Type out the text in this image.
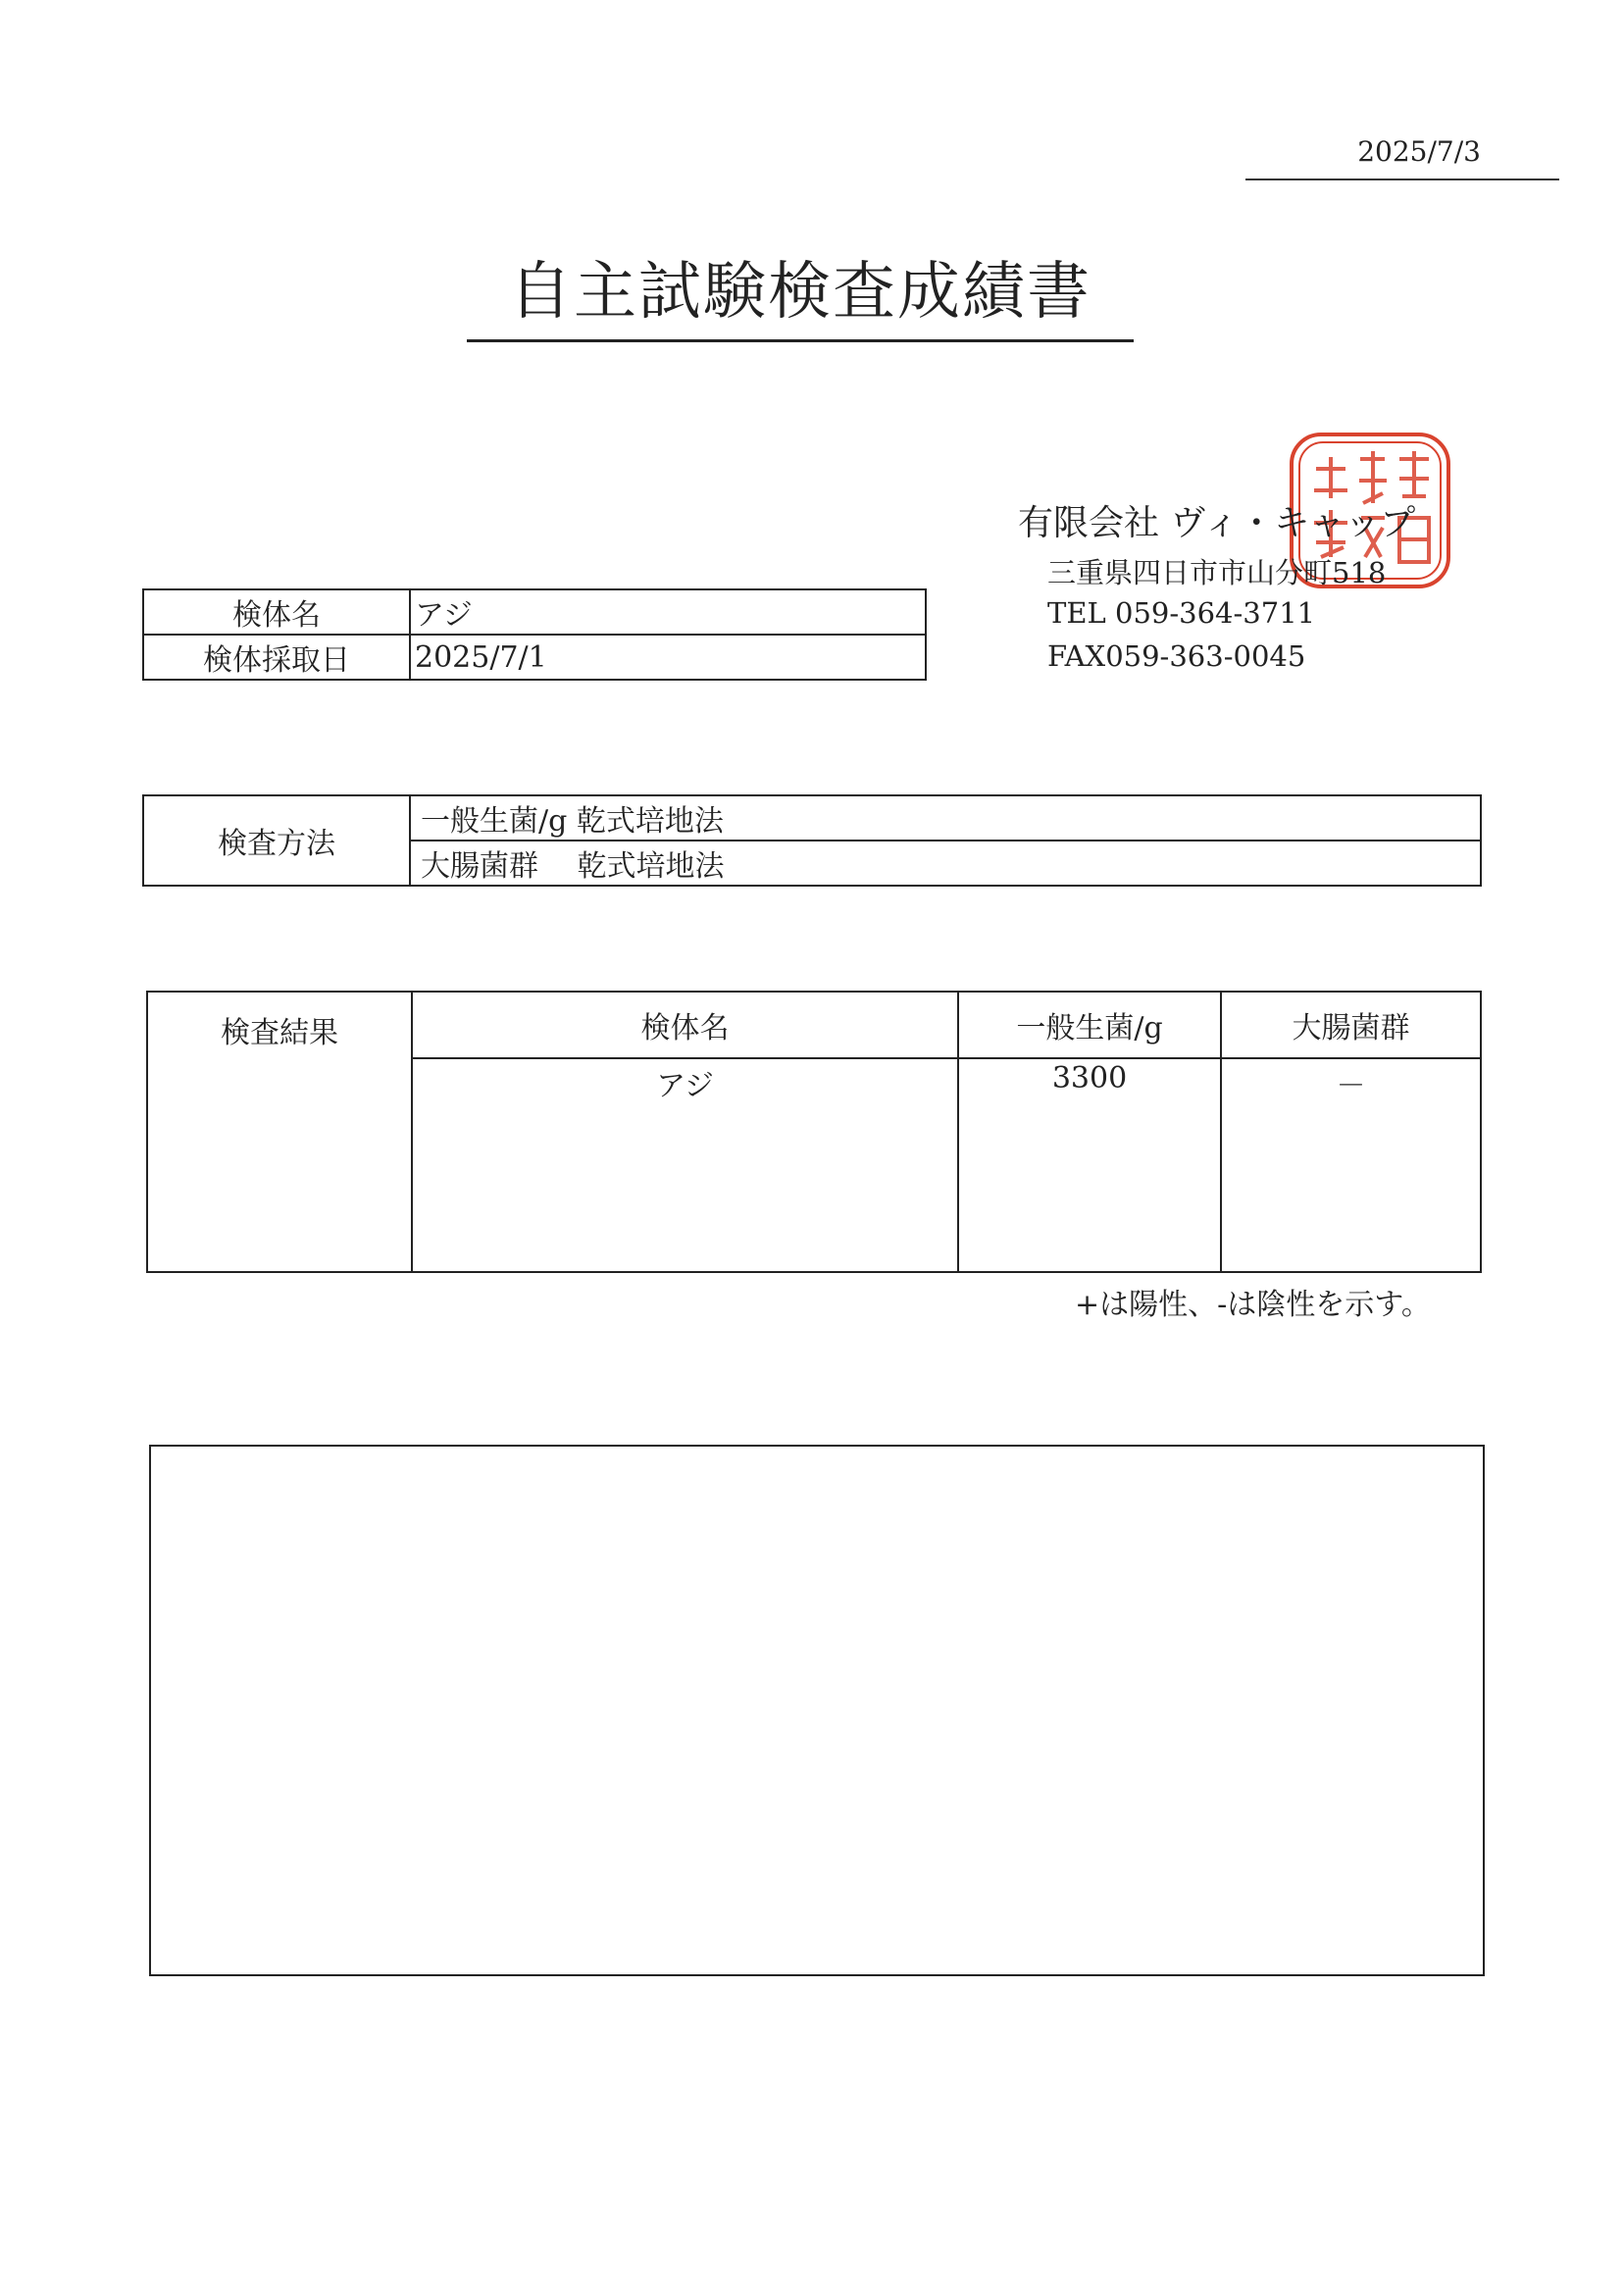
2025/7/3
自主試験検査成績書
有限会社 ヴィ・キャップ
三重県四日市市山分町518
TEL 059-364-3711
FAX059-363-0045
検体名	アジ
検体採取日	2025/7/1
検査方法	一般生菌/g 乾式培地法
大腸菌群　 乾式培地法
検査結果	検体名	一般生菌/g	大腸菌群
	アジ	3300	－
+は陽性、-は陰性を示す。
